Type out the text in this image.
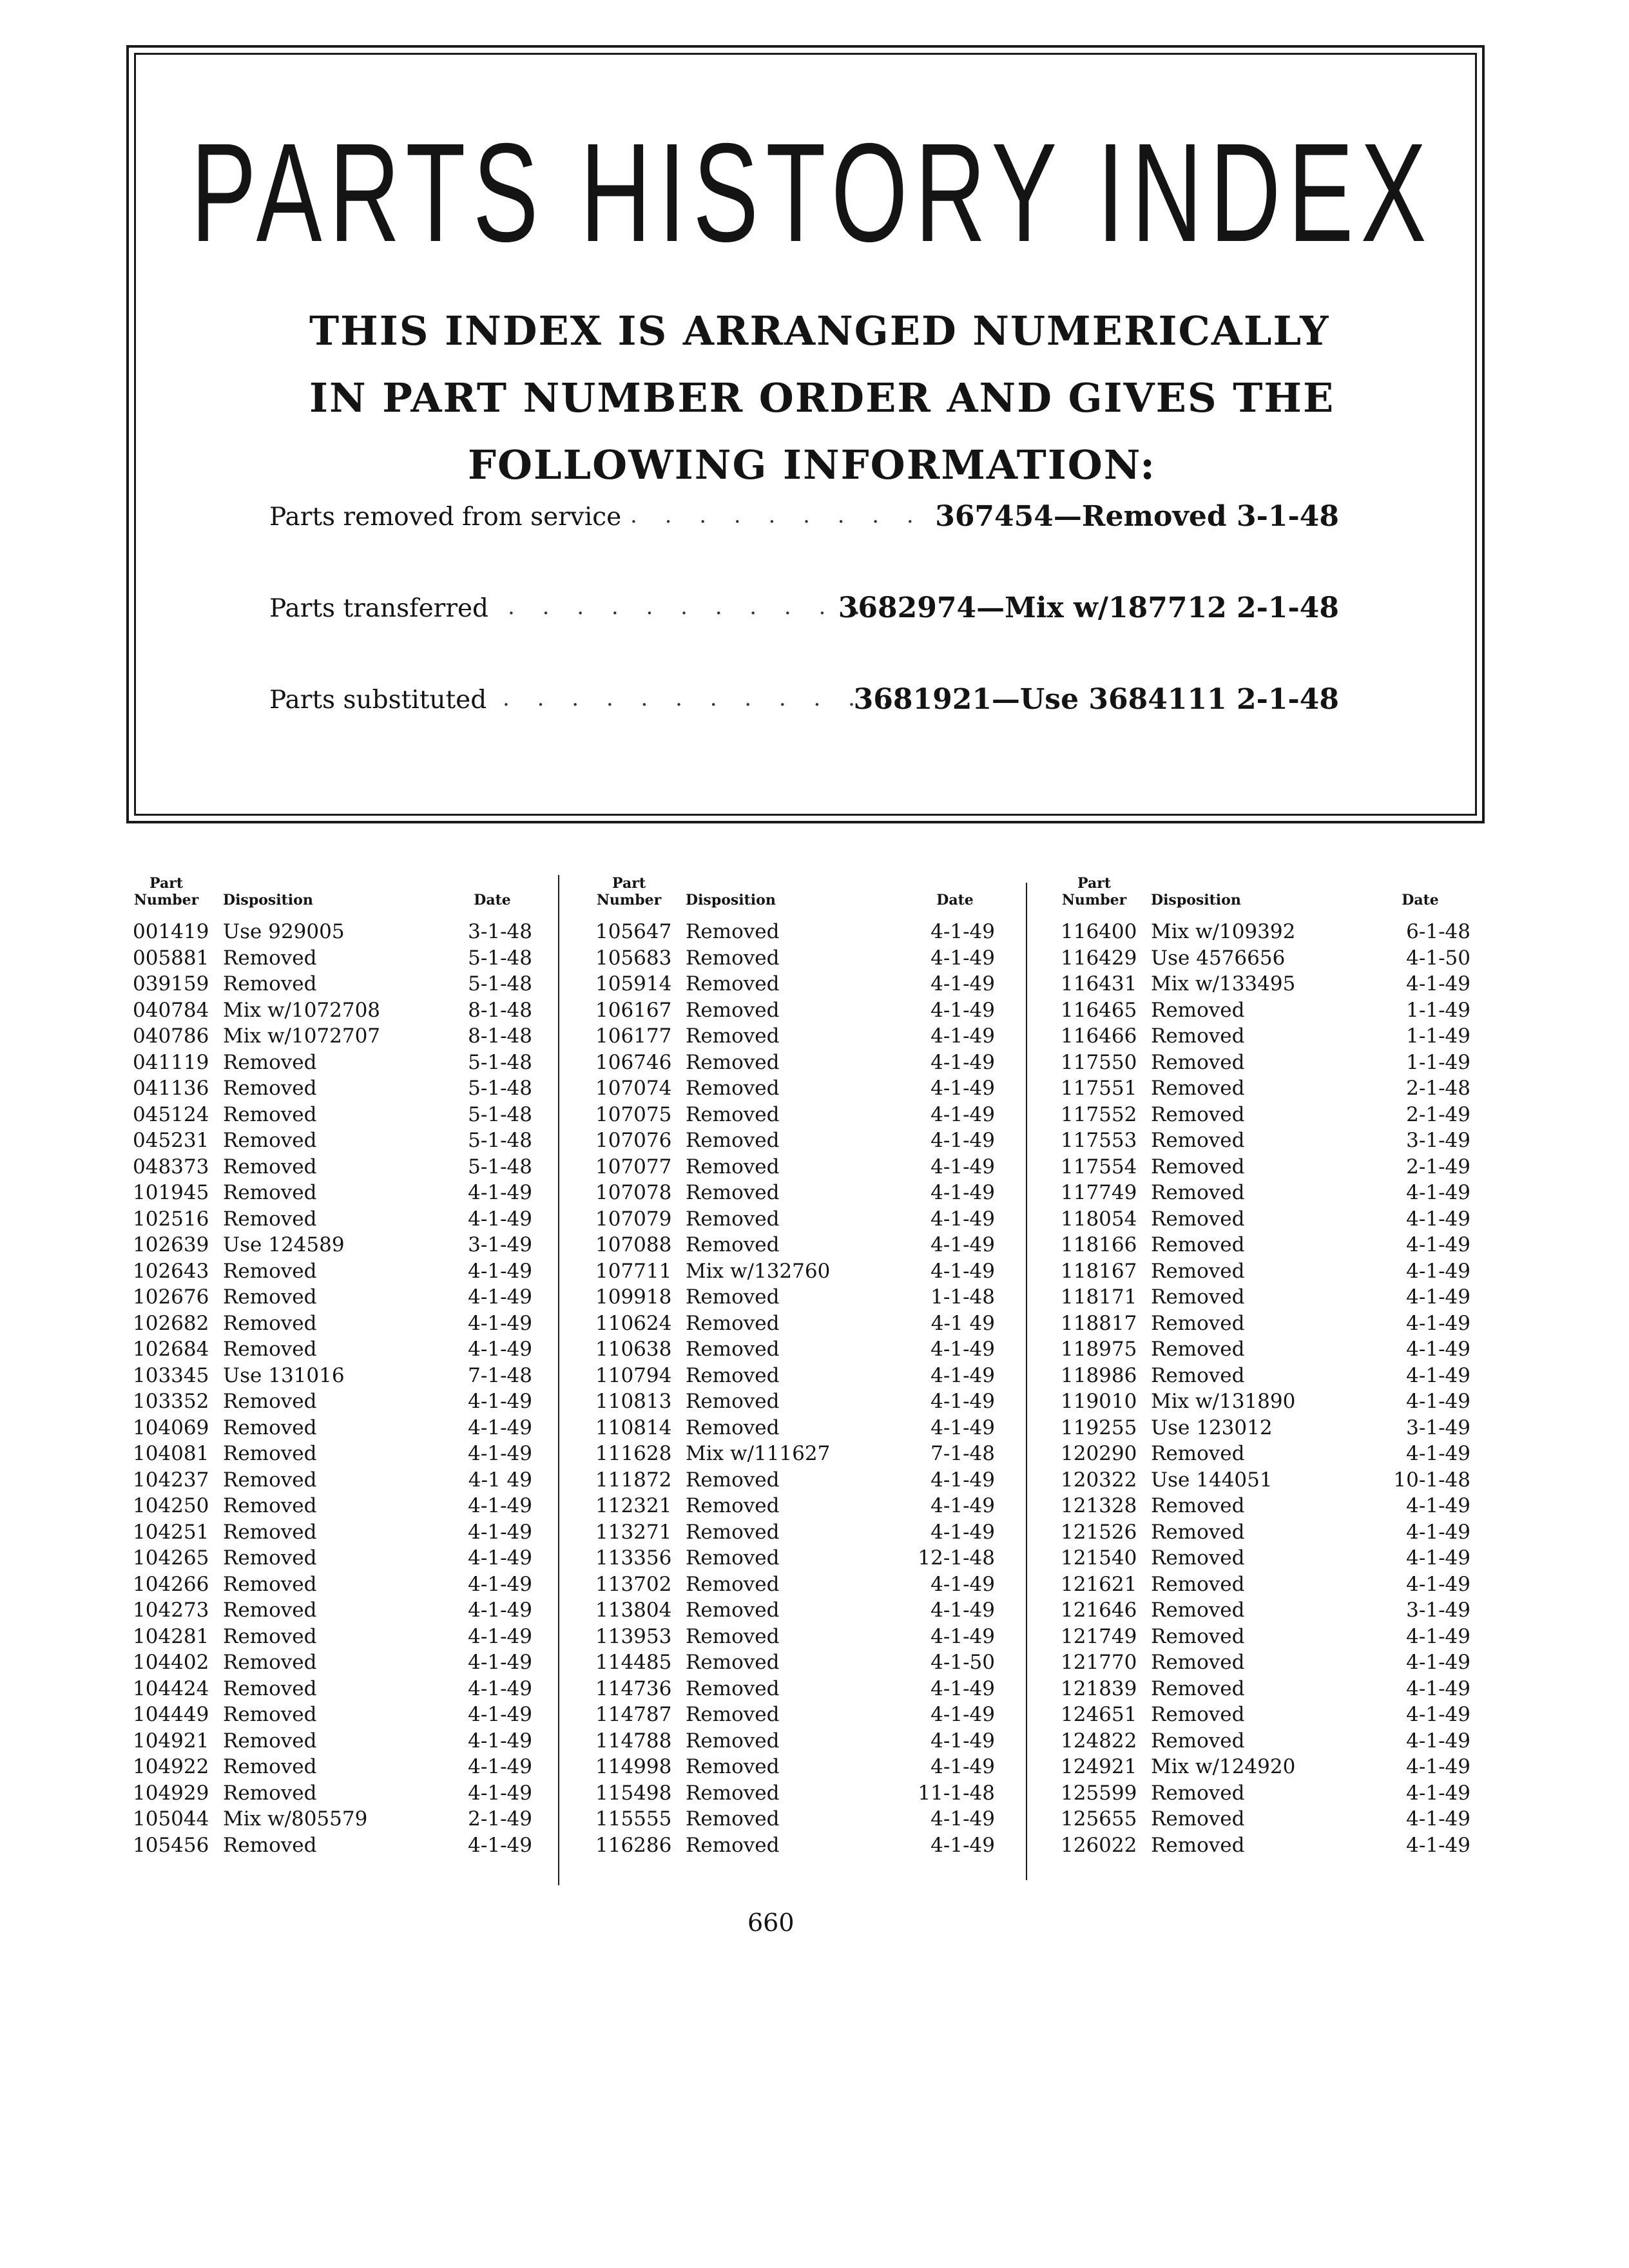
PARTS HISTORY INDEX
THIS INDEX IS ARRANGED NUMERICALLY
IN PART NUMBER ORDER AND GIVES THE
FOLLOWING INFORMATION:
Parts removed from service . . . . . . . . . 367454—Removed 3-1-48
Parts transferred . . . . . . . . . . .
3682974—Mix w/187712 2-1-48
Parts substituted . . . . . . . . . . . .
3681921—Use 3684111 2-1-48
Part
Number Disposition	Date
001419 Use 929005	3-1-48
005881 Removed	5-1-48
039159 Removed	5-1-48
040784 Mix w/1072708	8-1-48
040786 Mix w/1072707	8-1-48
041119 Removed	5-1-48
041136 Removed	5-1-48
045124 Removed	5-1-48
045231 Removed	5-1-48
048373 Removed	5-1-48
101945 Removed	4-1-49
102516 Removed	4-1-49
102639 Use 124589	3-1-49
102643 Removed	4-1-49
102676 Removed	4-1-49
102682 Removed	4-1-49
102684 Removed	4-1-49
103345 Use 131016	7-1-48
103352 Removed	4-1-49
104069 Removed	4-1-49
104081 Removed	4-1-49
104237 Removed	4-1 49
104250 Removed	4-1-49
104251 Removed	4-1-49
104265 Removed	4-1-49
104266 Removed	4-1-49
104273 Removed	4-1-49
104281 Removed	4-1-49
104402 Removed	4-1-49
104424 Removed	4-1-49
104449 Removed	4-1-49
104921 Removed	4-1-49
104922 Removed	4-1-49
104929 Removed	4-1-49
105044 Mix w/805579	2-1-49
105456 Removed	4-1-49
Part
Number Disposition	Date
105647 Removed	4-1-49
105683 Removed	4-1-49
105914 Removed	4-1-49
106167 Removed	4-1-49
106177 Removed	4-1-49
106746 Removed	4-1-49
107074 Removed	4-1-49
107075 Removed	4-1-49
107076 Removed	4-1-49
107077 Removed	4-1-49
107078 Removed	4-1-49
107079 Removed	4-1-49
107088 Removed	4-1-49
107711 Mix w/132760	4-1-49
109918 Removed	1-1-48
110624 Removed	4-1 49
110638 Removed	4-1-49
110794 Removed	4-1-49
110813 Removed	4-1-49
110814 Removed	4-1-49
111628 Mix w/111627	7-1-48
111872 Removed	4-1-49
112321 Removed	4-1-49
113271 Removed	4-1-49
113356 Removed	12-1-48
113702 Removed	4-1-49
113804 Removed	4-1-49
113953 Removed	4-1-49
114485 Removed	4-1-50
114736 Removed	4-1-49
114787 Removed	4-1-49
114788 Removed	4-1-49
114998 Removed	4-1-49
115498 Removed	11-1-48
115555 Removed	4-1-49
116286 Removed	4-1-49
Part
Number Disposition	Date
116400 Mix w/109392	6-1-48
116429 Use 4576656	4-1-50
116431 Mix w/133495	4-1-49
116465 Removed	1-1-49
116466 Removed	1-1-49
117550 Removed	1-1-49
117551 Removed	2-1-48
117552 Removed	2-1-49
117553 Removed	3-1-49
117554 Removed	2-1-49
117749 Removed	4-1-49
118054 Removed	4-1-49
118166 Removed	4-1-49
118167 Removed	4-1-49
118171 Removed	4-1-49
118817 Removed	4-1-49
118975 Removed	4-1-49
118986 Removed	4-1-49
119010 Mix w/131890	4-1-49
119255 Use 123012	3-1-49
120290 Removed	4-1-49
120322 Use 144051	10-1-48
121328 Removed	4-1-49
121526 Removed	4-1-49
121540 Removed	4-1-49
121621 Removed	4-1-49
121646 Removed	3-1-49
121749 Removed	4-1-49
121770 Removed	4-1-49
121839 Removed	4-1-49
124651 Removed	4-1-49
124822 Removed	4-1-49
124921 Mix w/124920	4-1-49
125599 Removed	4-1-49
125655 Removed	4-1-49
126022 Removed	4-1-49

660
